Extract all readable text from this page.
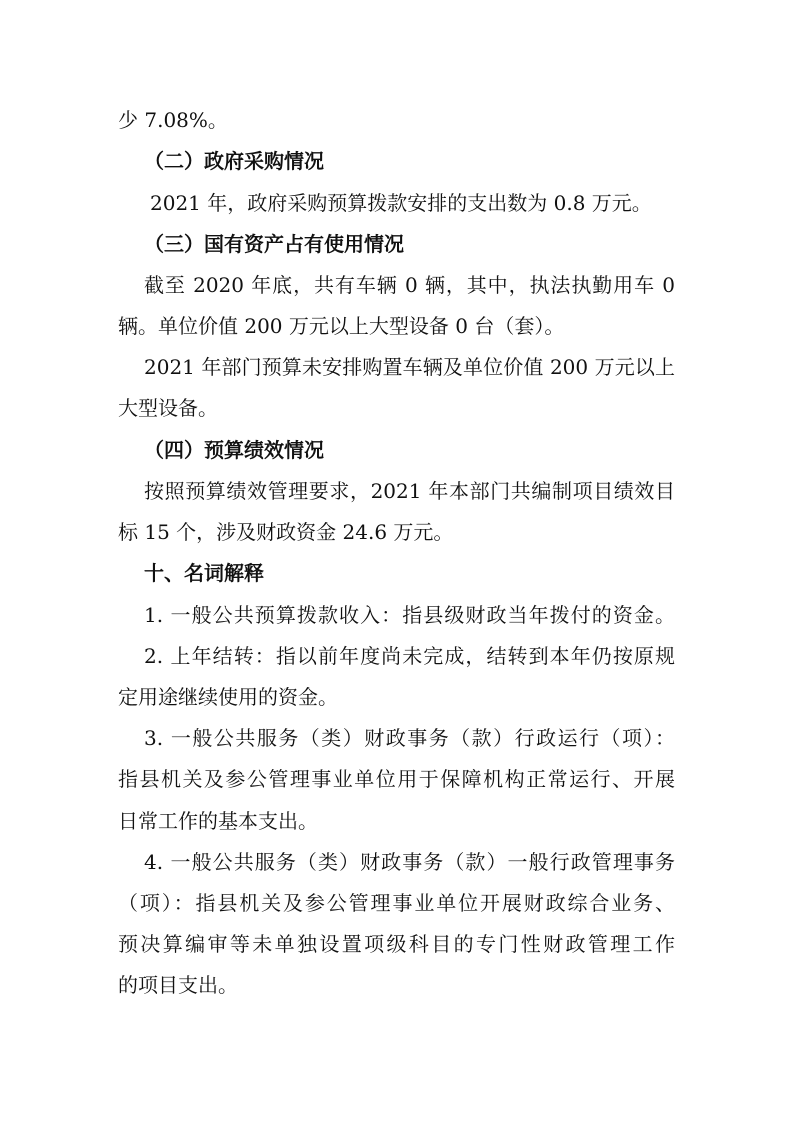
少 7.08%。
（二）政府采购情况
2021 年，政府采购预算拨款安排的支出数为 0.8 万元。
（三）国有资产占有使用情况
截至 2020 年底，共有车辆 0 辆，其中，执法执勤用车 0
辆。单位价值 200 万元以上大型设备 0 台（套）。
2021 年部门预算未安排购置车辆及单位价值 200 万元以上
大型设备。
（四）预算绩效情况
按照预算绩效管理要求，2021 年本部门共编制项目绩效目
标 15 个，涉及财政资金 24.6 万元。
十、名词解释
1. 一般公共预算拨款收入：指县级财政当年拨付的资金。
2. 上年结转：指以前年度尚未完成，结转到本年仍按原规
定用途继续使用的资金。
3. 一般公共服务（类）财政事务（款）行政运行（项）：
指县机关及参公管理事业单位用于保障机构正常运行、开展
日常工作的基本支出。
4. 一般公共服务（类）财政事务（款）一般行政管理事务
（项）：指县机关及参公管理事业单位开展财政综合业务、
预决算编审等未单独设置项级科目的专门性财政管理工作
的项目支出。
